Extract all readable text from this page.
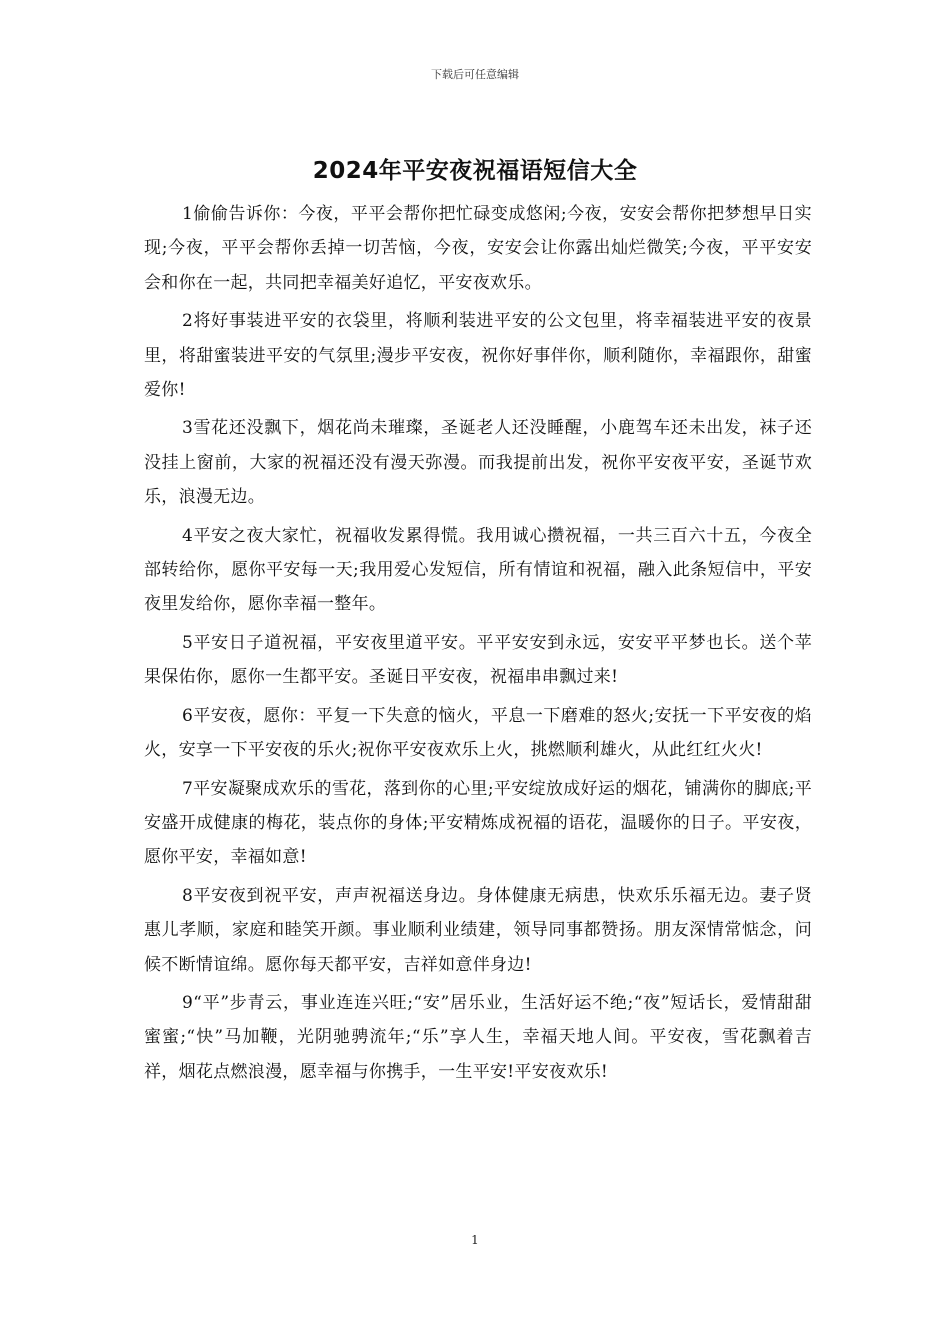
下载后可任意编辑
2024年平安夜祝福语短信大全

1偷偷告诉你：今夜，平平会帮你把忙碌变成悠闲;今夜，安安会帮你把梦想早日实现;今夜，平平会帮你丢掉一切苦恼，今夜，安安会让你露出灿烂微笑;今夜，平平安安会和你在一起，共同把幸福美好追忆，平安夜欢乐。

2将好事装进平安的衣袋里，将顺利装进平安的公文包里，将幸福装进平安的夜景里，将甜蜜装进平安的气氛里;漫步平安夜，祝你好事伴你，顺利随你，幸福跟你，甜蜜爱你!

3雪花还没飘下，烟花尚未璀璨，圣诞老人还没睡醒，小鹿驾车还未出发，袜子还没挂上窗前，大家的祝福还没有漫天弥漫。而我提前出发，祝你平安夜平安，圣诞节欢乐，浪漫无边。

4平安之夜大家忙，祝福收发累得慌。我用诚心攒祝福，一共三百六十五，今夜全部转给你，愿你平安每一天;我用爱心发短信，所有情谊和祝福，融入此条短信中，平安夜里发给你，愿你幸福一整年。

5平安日子道祝福，平安夜里道平安。平平安安到永远，安安平平梦也长。送个苹果保佑你，愿你一生都平安。圣诞日平安夜，祝福串串飘过来!

6平安夜，愿你：平复一下失意的恼火，平息一下磨难的怒火;安抚一下平安夜的焰火，安享一下平安夜的乐火;祝你平安夜欢乐上火，挑燃顺利雄火，从此红红火火!

7平安凝聚成欢乐的雪花，落到你的心里;平安绽放成好运的烟花，铺满你的脚底;平安盛开成健康的梅花，装点你的身体;平安精炼成祝福的语花，温暖你的日子。平安夜，愿你平安，幸福如意!

8平安夜到祝平安，声声祝福送身边。身体健康无病患，快欢乐乐福无边。妻子贤惠儿孝顺，家庭和睦笑开颜。事业顺利业绩建，领导同事都赞扬。朋友深情常惦念，问候不断情谊绵。愿你每天都平安，吉祥如意伴身边!

9“平”步青云，事业连连兴旺;“安”居乐业，生活好运不绝;“夜”短话长，爱情甜甜蜜蜜;“快”马加鞭，光阴驰骋流年;“乐”享人生，幸福天地人间。平安夜，雪花飘着吉祥，烟花点燃浪漫，愿幸福与你携手，一生平安!平安夜欢乐!

1
